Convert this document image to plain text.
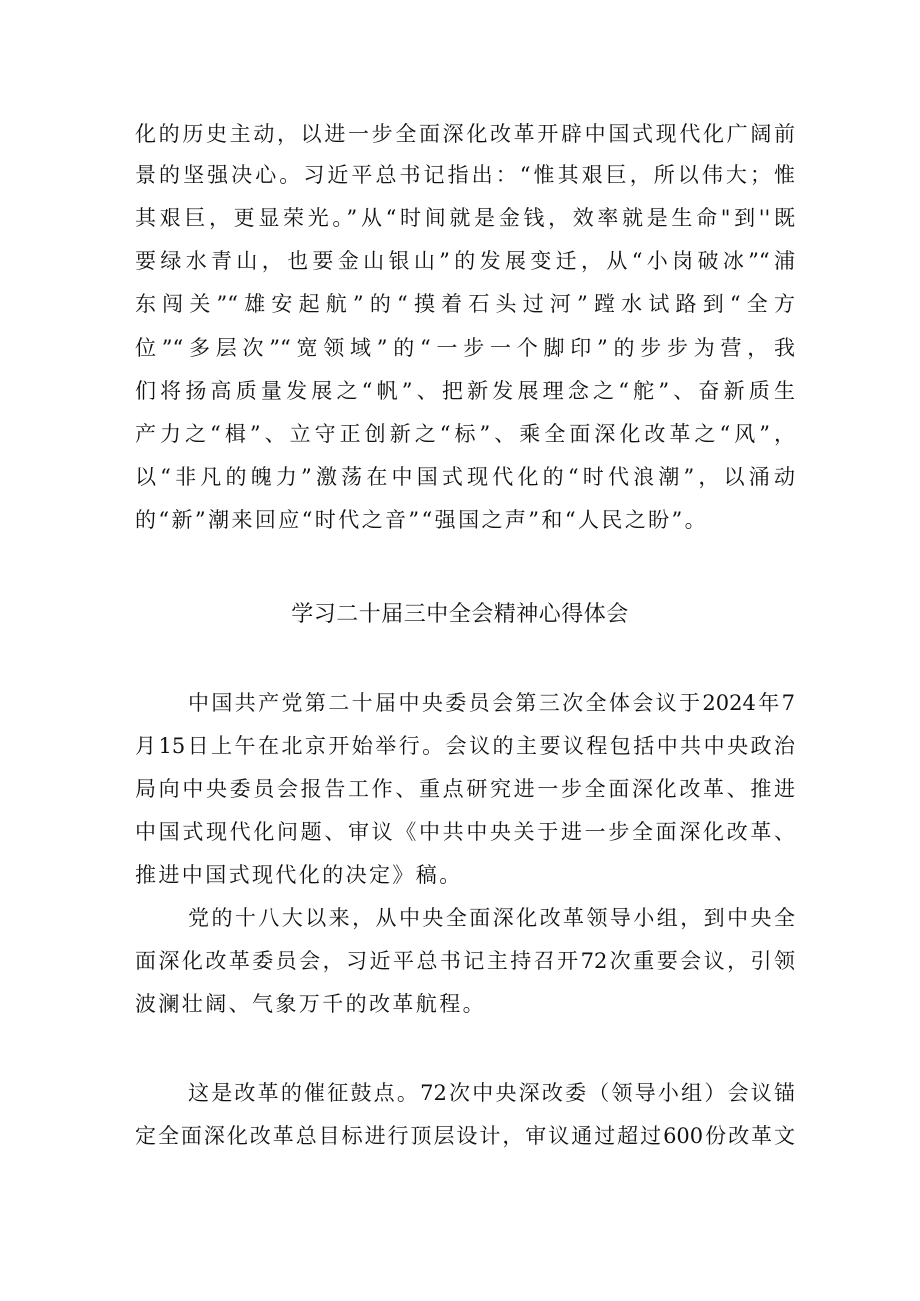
化的历史主动，以进一步全面深化改革开辟中国式现代化广阔前
景的坚强决心。习近平总书记指出：“惟其艰巨，所以伟大；惟
其艰巨，更显荣光。”从“时间就是金钱，效率就是生命"到''既
要绿水青山，也要金山银山”的发展变迁，从“小岗破冰”“浦
东闯关”“雄安起航”的“摸着石头过河”蹚水试路到“全方
位”“多层次”“宽领域”的“一步一个脚印”的步步为营，我
们将扬高质量发展之“帆”、把新发展理念之“舵”、奋新质生
产力之“楫”、立守正创新之“标”、乘全面深化改革之“风”，
以“非凡的魄力”激荡在中国式现代化的“时代浪潮”，以涌动
的“新”潮来回应“时代之音”“强国之声”和“人民之盼”。
学习二十届三中全会精神心得体会
中国共产党第二十届中央委员会第三次全体会议于2024年7
月15日上午在北京开始举行。会议的主要议程包括中共中央政治
局向中央委员会报告工作、重点研究进一步全面深化改革、推进
中国式现代化问题、审议《中共中央关于进一步全面深化改革、
推进中国式现代化的决定》稿。
党的十八大以来，从中央全面深化改革领导小组，到中央全
面深化改革委员会，习近平总书记主持召开72次重要会议，引领
波澜壮阔、气象万千的改革航程。
这是改革的催征鼓点。72次中央深改委（领导小组）会议锚
定全面深化改革总目标进行顶层设计，审议通过超过600份改革文
